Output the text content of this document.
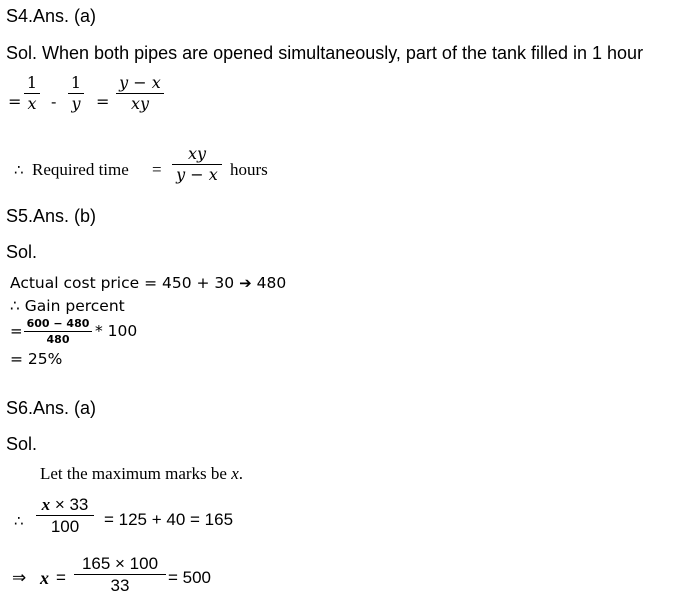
S4.Ans. (a)
Sol. When both pipes are opened simultaneously, part of the tank filled in 1 hour
=
1
x -
1
y =
y − x
xy
∴ Required time =
xy
y − x hours
S5.Ans. (b)
Sol.
Actual cost price = 450 + 30 ➔ 480
∴ Gain percent
= 600 − 480
480 * 100
= 25%
S6.Ans. (a)
Sol.
Let the maximum marks be x.
∴
x × 33
100 = 125 + 40 = 165
⇒ x =
165 × 100
33 = 500
